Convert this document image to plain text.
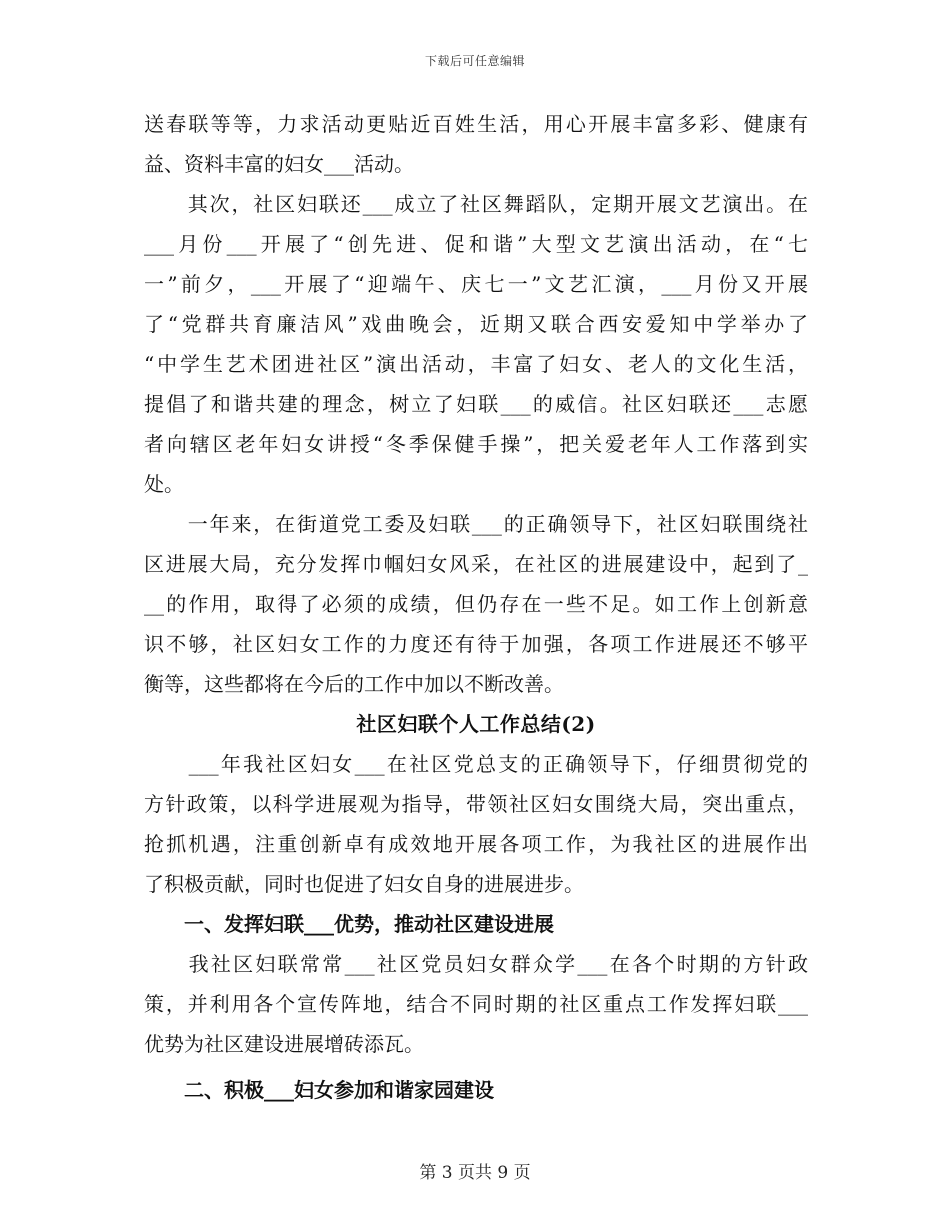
下载后可任意编辑
送春联等等，力求活动更贴近百姓生活，用心开展丰富多彩、健康有
益、资料丰富的妇女___活动。
　　其次，社区妇联还___成立了社区舞蹈队，定期开展文艺演出。在
___月份___开展了“创先进、促和谐”大型文艺演出活动，在“七
一”前夕，___开展了“迎端午、庆七一”文艺汇演，___月份又开展
了“党群共育廉洁风”戏曲晚会，近期又联合西安爱知中学举办了
“中学生艺术团进社区”演出活动，丰富了妇女、老人的文化生活，
提倡了和谐共建的理念，树立了妇联___的威信。社区妇联还___志愿
者向辖区老年妇女讲授“冬季保健手操”，把关爱老年人工作落到实
处。
　　一年来，在街道党工委及妇联___的正确领导下，社区妇联围绕社
区进展大局，充分发挥巾帼妇女风采，在社区的进展建设中，起到了_
__的作用，取得了必须的成绩，但仍存在一些不足。如工作上创新意
识不够，社区妇女工作的力度还有待于加强，各项工作进展还不够平
衡等，这些都将在今后的工作中加以不断改善。
社区妇联个人工作总结(2)
　　___年我社区妇女___在社区党总支的正确领导下，仔细贯彻党的
方针政策，以科学进展观为指导，带领社区妇女围绕大局，突出重点，
抢抓机遇，注重创新卓有成效地开展各项工作，为我社区的进展作出
了积极贡献，同时也促进了妇女自身的进展进步。
　　一、发挥妇联___优势，推动社区建设进展
　　我社区妇联常常___社区党员妇女群众学___在各个时期的方针政
策，并利用各个宣传阵地，结合不同时期的社区重点工作发挥妇联___
优势为社区建设进展增砖添瓦。
　　二、积极___妇女参加和谐家园建设
第 3 页共 9 页
